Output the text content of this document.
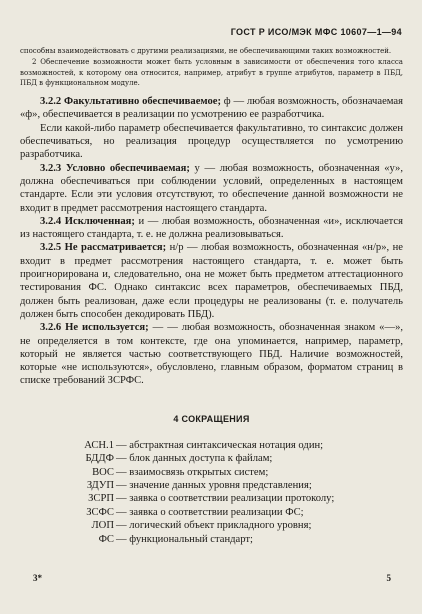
ГОСТ Р ИСО/МЭК МФС 10607—1—94

способны взаимодействовать с другими реализациями, не обеспечивающими таких возможностей.

2 Обеспечение возможности может быть условным в зависимости от обеспечения того класса возможностей, к которому она относится, например, атрибут в группе атрибутов, параметр в ПБД, ПБД в функциональном модуле.

3.2.2 Факультативно обеспечиваемое; ф — любая возможность, обозначаемая «ф», обеспечивается в реализации по усмотрению ее разработчика.

Если какой-либо параметр обеспечивается факультативно, то синтаксис должен обеспечиваться, но реализация процедур осуществляется по усмотрению разработчика.

3.2.3 Условно обеспечиваемая; у — любая возможность, обозначенная «у», должна обеспечиваться при соблюдении условий, определенных в настоящем стандарте. Если эти условия отсутствуют, то обеспечение данной возможности не входит в предмет рассмотрения настоящего стандарта.

3.2.4 Исключенная; и — любая возможность, обозначенная «и», исключается из настоящего стандарта, т. е. не должна реализовываться.

3.2.5 Не рассматривается; н/р — любая возможность, обозначенная «н/р», не входит в предмет рассмотрения настоящего стандарта, т. е. может быть проигнорирована и, следовательно, она не может быть предметом аттестационного тестирования ФС. Однако синтаксис всех параметров, обеспечиваемых ПБД, должен быть реализован, даже если процедуры не реализованы (т. е. получатель должен быть способен декодировать ПБД).

3.2.6 Не используется; — — любая возможность, обозначенная знаком «—», не определяется в том контексте, где она упоминается, например, параметр, который не является частью соответствующего ПБД. Наличие возможностей, которые «не используются», обусловлено, главным образом, форматом страниц в списке требований ЗСРФС.

4 СОКРАЩЕНИЯ
АСН.1 — абстрактная синтаксическая нотация один;
БДДФ — блок данных доступа к файлам;
ВОС — взаимосвязь открытых систем;
ЗДУП — значение данных уровня представления;
ЗСРП — заявка о соответствии реализации протоколу;
ЗСФС — заявка о соответствии реализации ФС;
ЛОП — логический объект прикладного уровня;
ФС — функциональный стандарт;
3*	5
